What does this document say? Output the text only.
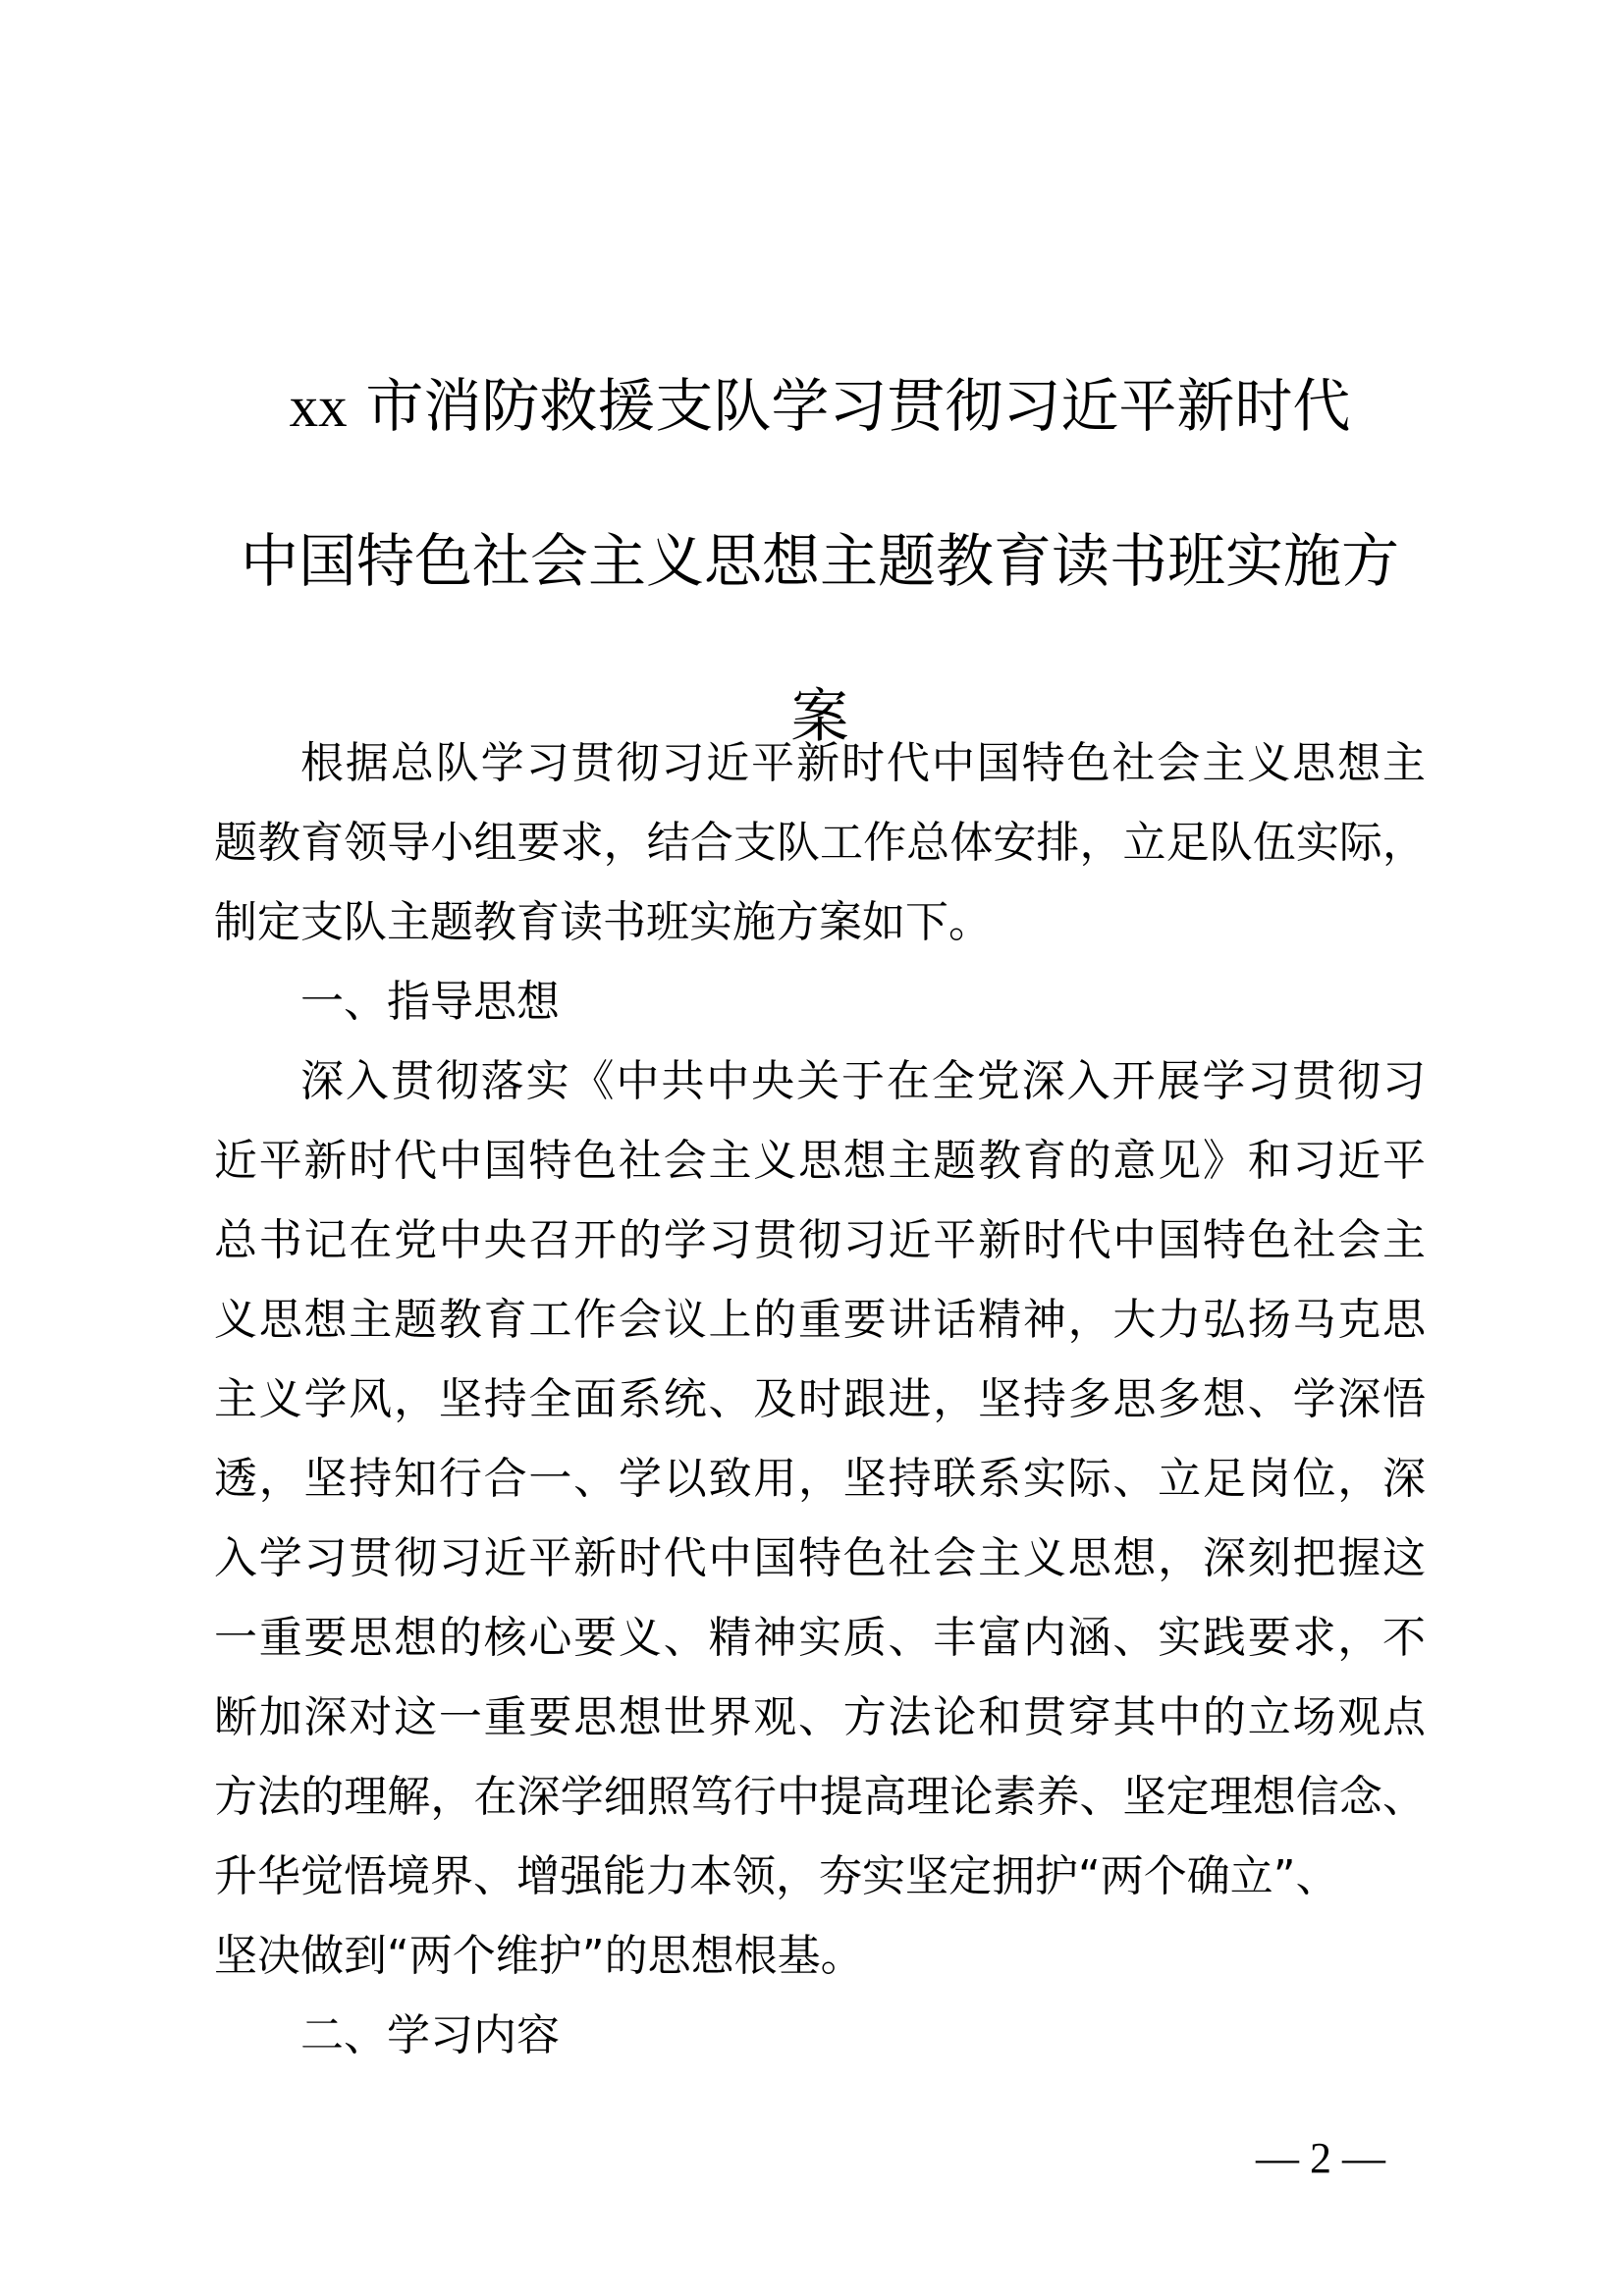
xx 市消防救援支队学习贯彻习近平新时代
中国特色社会主义思想主题教育读书班实施方案
根据总队学习贯彻习近平新时代中国特色社会主义思想主
题教育领导小组要求，结合支队工作总体安排，立足队伍实际，
制定支队主题教育读书班实施方案如下。
一、指导思想
深入贯彻落实《中共中央关于在全党深入开展学习贯彻习
近平新时代中国特色社会主义思想主题教育的意见》和习近平
总书记在党中央召开的学习贯彻习近平新时代中国特色社会主
义思想主题教育工作会议上的重要讲话精神，大力弘扬马克思
主义学风，坚持全面系统、及时跟进，坚持多思多想、学深悟
透，坚持知行合一、学以致用，坚持联系实际、立足岗位，深
入学习贯彻习近平新时代中国特色社会主义思想，深刻把握这
一重要思想的核心要义、精神实质、丰富内涵、实践要求，不
断加深对这一重要思想世界观、方法论和贯穿其中的立场观点
方法的理解，在深学细照笃行中提高理论素养、坚定理想信念、
升华觉悟境界、增强能力本领，夯实坚定拥护“两个确立”、
坚决做到“两个维护”的思想根基。
二、学习内容
— 2 —
